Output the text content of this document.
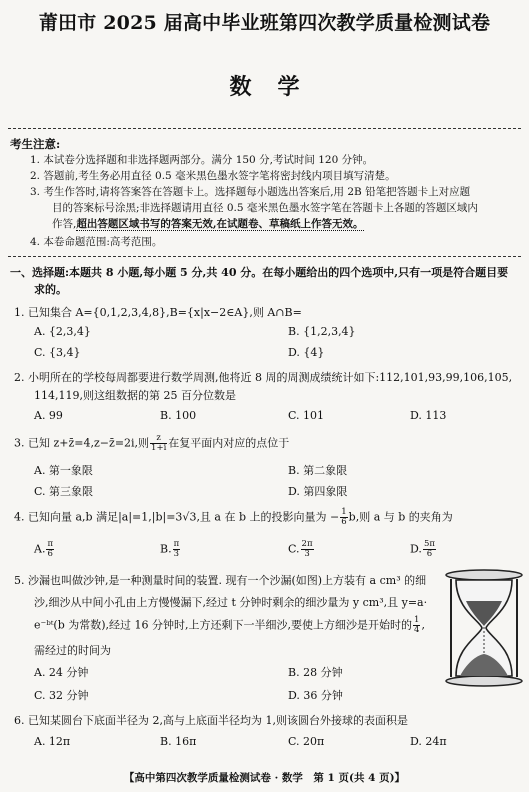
莆田市 2025 届高中毕业班第四次教学质量检测试卷
数学
考生注意:
1. 本试卷分选择题和非选择题两部分。满分 150 分,考试时间 120 分钟。
2. 答题前,考生务必用直径 0.5 毫米黑色墨水签字笔将密封线内项目填写清楚。
3. 考生作答时,请将答案答在答题卡上。选择题每小题选出答案后,用 2B 铅笔把答题卡上对应题
目的答案标号涂黑;非选择题请用直径 0.5 毫米黑色墨水签字笔在答题卡上各题的答题区域内
作答,超出答题区域书写的答案无效,在试题卷、草稿纸上作答无效。
4. 本卷命题范围:高考范围。
一、选择题:本题共 8 小题,每小题 5 分,共 40 分。在每小题给出的四个选项中,只有一项是符合题目要
求的。
1. 已知集合 A={0,1,2,3,4,8},B={x|x−2∈A},则 A∩B=
A. {2,3,4}	B. {1,2,3,4}
C. {3,4}	D. {4}
2. 小明所在的学校每周都要进行数学周测,他将近 8 周的周测成绩统计如下:112,101,93,99,106,105,
114,119,则这组数据的第 25 百分位数是
A. 99	B. 100	C. 101	D. 113
3. 已知 z+z̄=4,z−z̄=2i,则 $\frac{z}{1+i}$ 在复平面内对应的点位于
A. 第一象限	B. 第二象限
C. 第三象限	D. 第四象限
4. 已知向量 a,b 满足|a|=1,|b|=3√3,且 a 在 b 上的投影向量为 − $\frac{1}{6} b$,则 a 与 b 的夹角为
A. $\frac{\pi}{6}$	B. $\frac{\pi}{3}$	C. $\frac{2\pi}{3}$	D. $\frac{5\pi}{6}$
5. 沙漏也叫做沙钟,是一种测量时间的装置. 现有一个沙漏(如图)上方装有 a cm³ 的细
沙,细沙从中间小孔由上方慢慢漏下,经过 t 分钟时剩余的细沙量为 y cm³,且 y=a·
e⁻ᵇᵗ(b 为常数),经过 16 分钟时,上方还剩下一半细沙,要使上方细沙是开始时的 $\frac{1}{4}$ ,
需经过的时间为
A. 24 分钟	B. 28 分钟
C. 32 分钟	D. 36 分钟
6. 已知某圆台下底面半径为 2,高与上底面半径均为 1,则该圆台外接球的表面积是
A. 12π	B. 16π	C. 20π	D. 24π
【高中第四次教学质量检测试卷 · 数学　第 1 页(共 4 页)】
